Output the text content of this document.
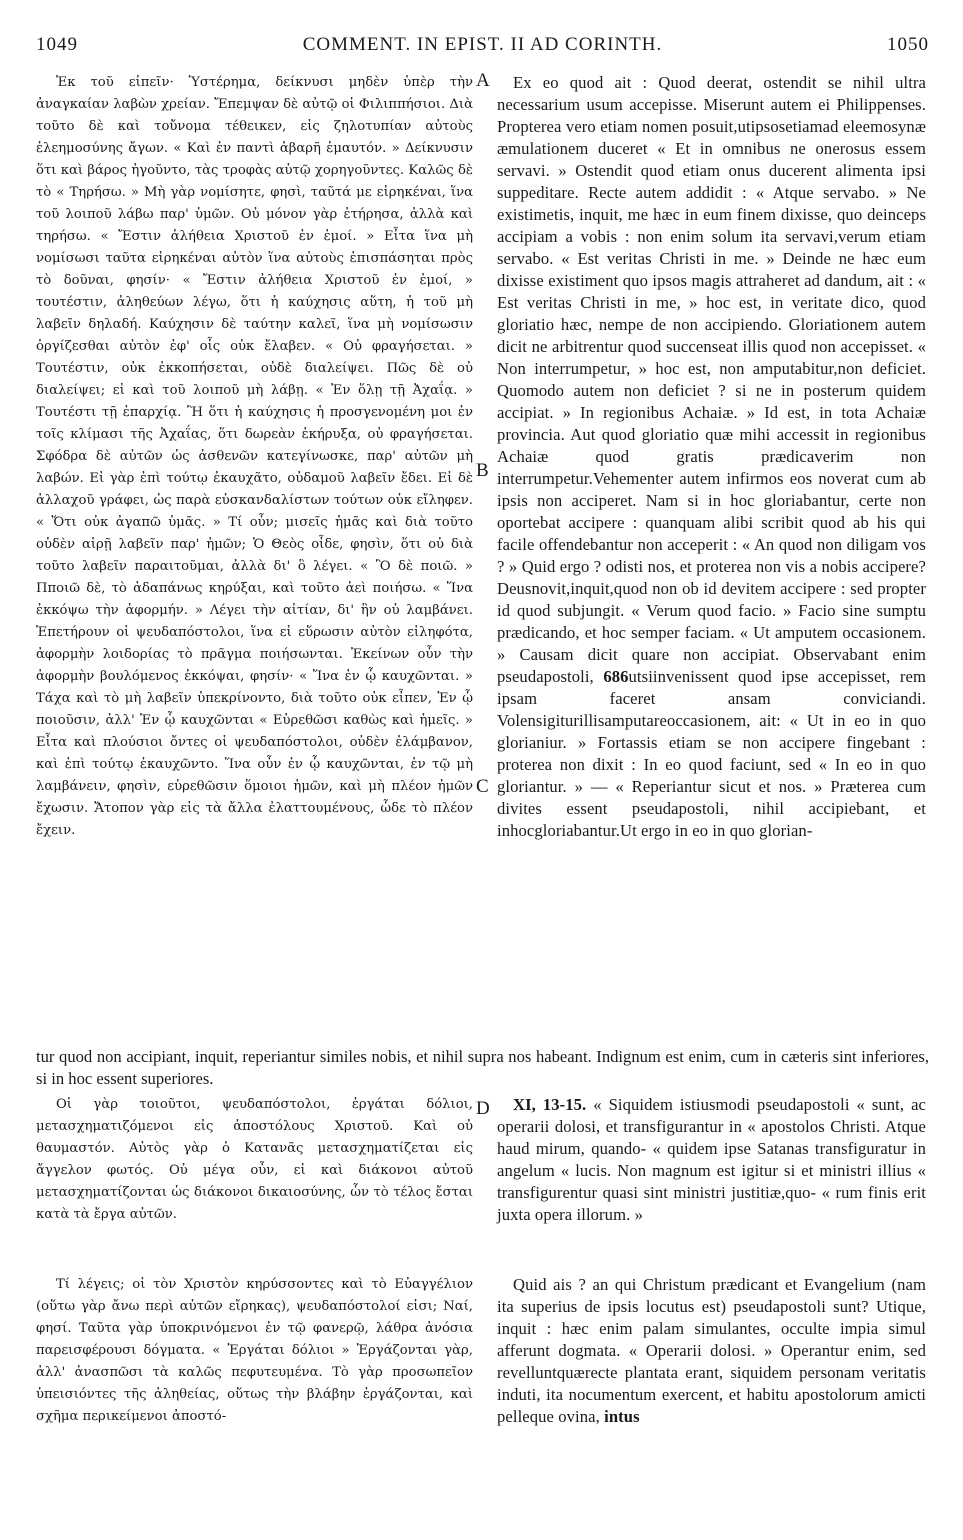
1049	COMMENT. IN EPIST. II AD CORINTH.	1050
A
B
C
D

Ἐκ τοῦ εἰπεῖν· Ὑστέρημα, δείκνυσι μηδὲν ὑπὲρ τὴν ἀναγκαίαν λαβὼν χρείαν. Ἔπεμψαν δὲ αὐτῷ οἱ Φιλιππήσιοι. Διὰ τοῦτο δὲ καὶ τοὔνομα τέθεικεν, εἰς ζηλοτυπίαν αὐτοὺς ἐλεημοσύνης ἄγων. « Καὶ ἐν παντὶ ἀβαρῆ ἐμαυτόν. » Δείκνυσιν ὅτι καὶ βάρος ἡγοῦντο, τὰς τροφὰς αὐτῷ χορηγοῦντες. Καλῶς δὲ τὸ « Τηρήσω. » Μὴ γὰρ νομίσητε, φησὶ, ταῦτά με εἰρηκέναι, ἵνα τοῦ λοιποῦ λάβω παρ' ὑμῶν. Οὐ μόνον γὰρ ἐτήρησα, ἀλλὰ καὶ τηρήσω. « Ἔστιν ἀλήθεια Χριστοῦ ἐν ἐμοί. » Εἶτα ἵνα μὴ νομίσωσι ταῦτα εἰρηκέναι αὐτὸν ἵνα αὐτοὺς ἐπισπάσηται πρὸς τὸ δοῦναι, φησίν· « Ἔστιν ἀλήθεια Χριστοῦ ἐν ἐμοί, » τουτέστιν, ἀληθεύων λέγω, ὅτι ἡ καύχησις αὕτη, ἡ τοῦ μὴ λαβεῖν δηλαδή. Καύχησιν δὲ ταύτην καλεῖ, ἵνα μὴ νομίσωσιν ὀργίζεσθαι αὐτὸν ἐφ' οἷς οὐκ ἔλαβεν. « Οὐ φραγήσεται. » Τουτέστιν, οὐκ ἐκκοπήσεται, οὐδὲ διαλείψει. Πῶς δὲ οὐ διαλείψει; εἰ καὶ τοῦ λοιποῦ μὴ λάβῃ. « Ἐν ὅλῃ τῇ Ἀχαΐᾳ. » Τουτέστι τῇ ἐπαρχίᾳ. Ἢ ὅτι ἡ καύχησις ἡ προσγενομένη μοι ἐν τοῖς κλίμασι τῆς Ἀχαΐας, ὅτι δωρεὰν ἐκήρυξα, οὐ φραγήσεται. Σφόδρα δὲ αὐτῶν ὡς ἀσθενῶν κατεγίνωσκε, παρ' αὐτῶν μὴ λαβών. Εἰ γὰρ ἐπὶ τούτῳ ἐκαυχᾶτο, οὐδαμοῦ λαβεῖν ἔδει. Εἰ δὲ ἀλλαχοῦ γράφει, ὡς παρὰ εὐσκανδαλίστων τούτων οὐκ εἴληφεν. « Ὅτι οὐκ ἀγαπῶ ὑμᾶς. » Τί οὖν; μισεῖς ἡμᾶς καὶ διὰ τοῦτο οὐδὲν αἱρῇ λαβεῖν παρ' ἡμῶν; Ὁ Θεὸς οἶδε, φησὶν, ὅτι οὐ διὰ τοῦτο λαβεῖν παραιτοῦμαι, ἀλλὰ δι' ὃ λέγει. « Ὃ δὲ ποιῶ. » Πποιῶ δὲ, τὸ ἀδαπάνως κηρύξαι, καὶ τοῦτο ἀεὶ ποιήσω. « Ἵνα ἐκκόψω τὴν ἀφορμήν. » Λέγει τὴν αἰτίαν, δι' ἣν οὐ λαμβάνει. Ἐπετήρουν οἱ ψευδαπόστολοι, ἵνα εἰ εὕρωσιν αὐτὸν εἰληφότα, ἀφορμὴν λοιδορίας τὸ πρᾶγμα ποιήσωνται. Ἐκείνων οὖν τὴν ἀφορμὴν βουλόμενος ἐκκόψαι, φησίν· « Ἵνα ἐν ᾧ καυχῶνται. » Τάχα καὶ τὸ μὴ λαβεῖν ὑπεκρίνοντο, διὰ τοῦτο οὐκ εἶπεν, Ἐν ᾧ ποιοῦσιν, ἀλλ' Ἐν ᾧ καυχῶνται « Εὑρεθῶσι καθὼς καὶ ἡμεῖς. » Εἶτα καὶ πλούσιοι ὄντες οἱ ψευδαπόστολοι, οὐδὲν ἐλάμβανον, καὶ ἐπὶ τούτῳ ἐκαυχῶντο. Ἵνα οὖν ἐν ᾧ καυχῶνται, ἐν τῷ μὴ λαμβάνειν, φησὶν, εὑρεθῶσιν ὅμοιοι ἡμῶν, καὶ μὴ πλέον ἡμῶν ἔχωσιν. Ἄτοπον γὰρ εἰς τὰ ἄλλα ἐλαττουμένους, ὧδε τὸ πλέον ἔχειν.

Ex eo quod ait : Quod deerat, ostendit se nihil ultra necessarium usum accepisse. Miserunt autem ei Philippenses. Propterea vero etiam nomen posuit,utipsosetiamad eleemosynæ æmulationem duceret « Et in omnibus ne onerosus essem servavi. » Ostendit quod etiam onus ducerent alimenta ipsi suppeditare. Recte autem addidit : « Atque servabo. » Ne existimetis, inquit, me hæc in eum finem dixisse, quo deinceps accipiam a vobis : non enim solum ita servavi,verum etiam servabo. « Est veritas Christi in me. » Deinde ne hæc eum dixisse existiment quo ipsos magis attraheret ad dandum, ait : « Est veritas Christi in me, » hoc est, in veritate dico, quod gloriatio hæc, nempe de non accipiendo. Gloriationem autem dicit ne arbitrentur quod succenseat illis quod non accepisset. « Non interrumpetur, » hoc est, non amputabitur,non deficiet. Quomodo autem non deficiet ? si ne in posterum quidem accipiat. » In regionibus Achaiæ. » Id est, in tota Achaiæ provincia. Aut quod gloriatio quæ mihi accessit in regionibus Achaiæ quod gratis prædicaverim non interrumpetur.Vehementer autem infirmos eos noverat cum ab ipsis non acciperet. Nam si in hoc gloriabantur, certe non oportebat accipere : quanquam alibi scribit quod ab his qui facile offendebantur non acceperit : « An quod non diligam vos ? » Quid ergo ? odisti nos, et proterea non vis a nobis accipere? Deusnovit,inquit,quod non ob id devitem accipere : sed propter id quod subjungit. « Verum quod facio. » Facio sine sumptu prædicando, et hoc semper faciam. « Ut amputem occasionem. » Causam dicit quare non accipiat. Observabant enim pseudapostoli, 686utsiinvenissent quod ipse accepisset, rem ipsam faceret ansam conviciandi. Volensigiturillisamputareoccasionem, ait: « Ut in eo in quo glorianiur. » Fortassis etiam se non accipere fingebant : proterea non dixit : In eo quod faciunt, sed « In eo in quo gloriantur. » — « Reperiantur sicut et nos. » Præterea cum divites essent pseudapostoli, nihil accipiebant, et inhocgloriabantur.Ut ergo in eo in quo glorian-

tur quod non accipiant, inquit, reperiantur similes nobis, et nihil supra nos habeant. Indignum est enim, cum in cæteris sint inferiores, si in hoc essent superiores.

Οἱ γὰρ τοιοῦτοι, ψευδαπόστολοι, ἐργάται δόλιοι, μετασχηματιζόμενοι εἰς ἀποστόλους Χριστοῦ. Καὶ οὐ θαυμαστόν. Αὐτὸς γὰρ ὁ Κατανᾶς μετασχηματίζεται εἰς ἄγγελον φωτός. Οὐ μέγα οὖν, εἰ καὶ διάκονοι αὐτοῦ μετασχηματίζονται ὡς διάκονοι δικαιοσύνης, ὧν τὸ τέλος ἔσται κατὰ τὰ ἔργα αὐτῶν.

XI, 13-15. « Siquidem istiusmodi pseudapostoli « sunt, ac operarii dolosi, et transfigurantur in « apostolos Christi. Atque haud mirum, quando- « quidem ipse Satanas transfiguratur in angelum « lucis. Non magnum est igitur si et ministri illius « transfigurentur quasi sint ministri justitiæ,quo- « rum finis erit juxta opera illorum. »

Τί λέγεις; οἱ τὸν Χριστὸν κηρύσσοντες καὶ τὸ Εὐαγγέλιον (οὕτω γὰρ ἄνω περὶ αὐτῶν εἴρηκας), ψευδαπόστολοί εἰσι; Ναί, φησί. Ταῦτα γὰρ ὑποκρινόμενοι ἐν τῷ φανερῷ, λάθρα ἀνόσια παρεισφέρουσι δόγματα. « Ἐργάται δόλιοι » Ἐργάζονται γὰρ, ἀλλ' ἀνασπῶσι τὰ καλῶς πεφυτευμένα. Τὸ γὰρ προσωπεῖον ὑπεισιόντες τῆς ἀληθείας, οὕτως τὴν βλάβην ἐργάζονται, καὶ σχῆμα περικείμενοι ἀποστό-

Quid ais ? an qui Christum prædicant et Evangelium (nam ita superius de ipsis locutus est) pseudapostoli sunt? Utique, inquit : hæc enim palam simulantes, occulte impia simul afferunt dogmata. « Operarii dolosi. » Operantur enim, sed revelluntquærecte plantata erant, siquidem personam veritatis induti, ita nocumentum exercent, et habitu apostolorum amicti pelleque ovina, intus
